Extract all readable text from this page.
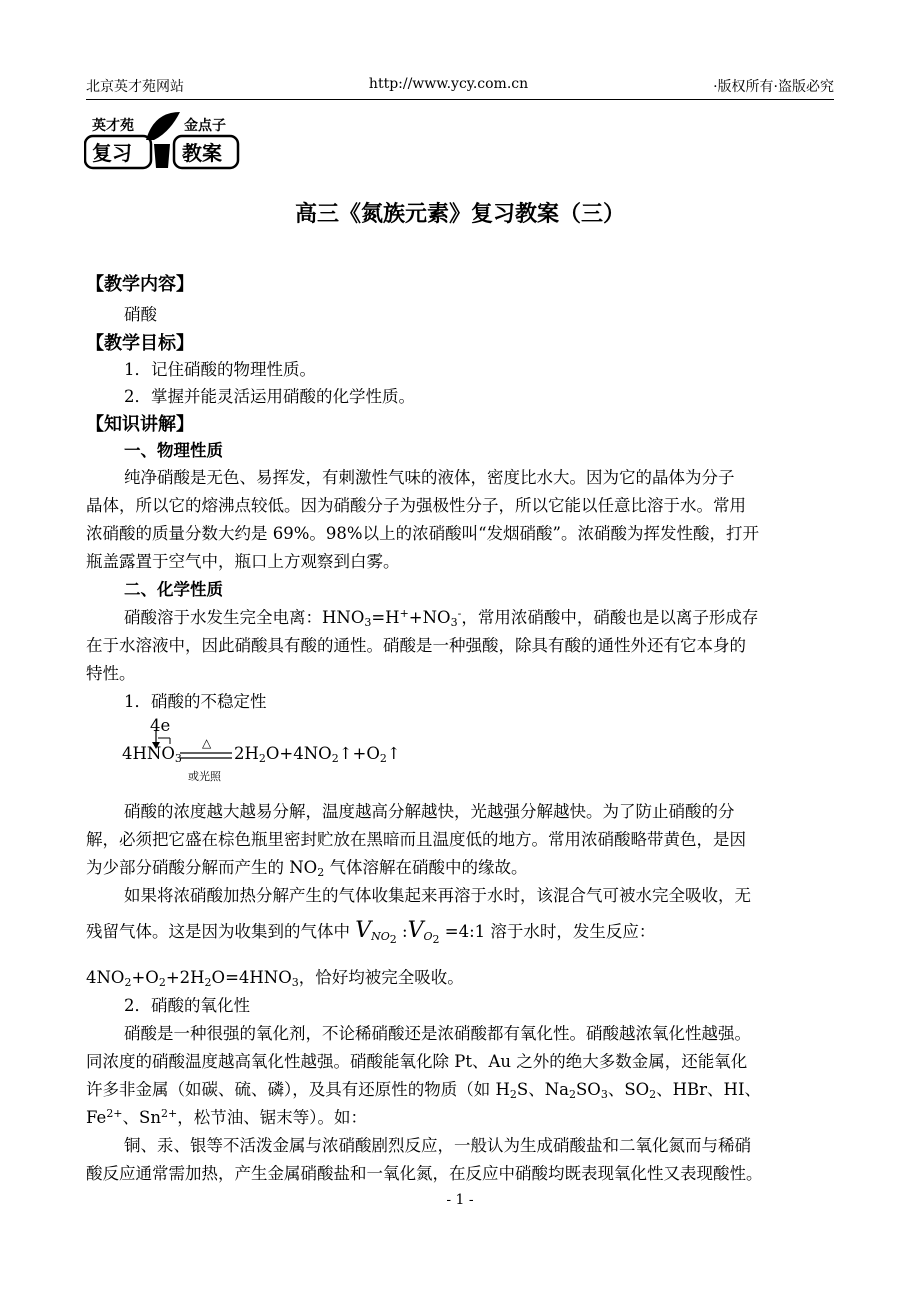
北京英才苑网站	http://www.ycy.com.cn	·版权所有·盗版必究
英才苑	金点子
复习	教案
高三《氮族元素》复习教案（三）
【教学内容】
硝酸
【教学目标】
1．记住硝酸的物理性质。
2．掌握并能灵活运用硝酸的化学性质。
【知识讲解】
一、物理性质
纯净硝酸是无色、易挥发，有刺激性气味的液体，密度比水大。因为它的晶体为分子
晶体，所以它的熔沸点较低。因为硝酸分子为强极性分子，所以它能以任意比溶于水。常用
浓硝酸的质量分数大约是 69%。98%以上的浓硝酸叫“发烟硝酸”。浓硝酸为挥发性酸，打开
瓶盖露置于空气中，瓶口上方观察到白雾。
二、化学性质
硝酸溶于水发生完全电离：$HNO_3=H^++NO_3^-$，常用浓硝酸中，硝酸也是以离子形成存
在于水溶液中，因此硝酸具有酸的通性。硝酸是一种强酸，除具有酸的通性外还有它本身的
特性。
1．硝酸的不稳定性
4e
$4HNO_3$
△
或光照
$2H_2O+4NO_2↑+O_2↑$
硝酸的浓度越大越易分解，温度越高分解越快，光越强分解越快。为了防止硝酸的分
解，必须把它盛在棕色瓶里密封贮放在黑暗而且温度低的地方。常用浓硝酸略带黄色，是因
为少部分硝酸分解而产生的 $NO_2$ 气体溶解在硝酸中的缘故。
如果将浓硝酸加热分解产生的气体收集起来再溶于水时，该混合气可被水完全吸收，无
残留气体。这是因为收集到的气体中 $V_{NO_2}$ $:V_{O_2}$ =4:1 溶于水时，发生反应：
$4NO_2+O_2+2H_2O=4HNO_3$，恰好均被完全吸收。
2．硝酸的氧化性
硝酸是一种很强的氧化剂，不论稀硝酸还是浓硝酸都有氧化性。硝酸越浓氧化性越强。
同浓度的硝酸温度越高氧化性越强。硝酸能氧化除 Pt、Au 之外的绝大多数金属，还能氧化
许多非金属（如碳、硫、磷），及具有还原性的物质（如 $H_2S$、$Na_2SO_3$、$SO_2$、HBr、HI、
$Fe^{2+}$、$Sn^{2+}$，松节油、锯末等）。如：
铜、汞、银等不活泼金属与浓硝酸剧烈反应，一般认为生成硝酸盐和二氧化氮而与稀硝
酸反应通常需加热，产生金属硝酸盐和一氧化氮，在反应中硝酸均既表现氧化性又表现酸性。
- 1 -
